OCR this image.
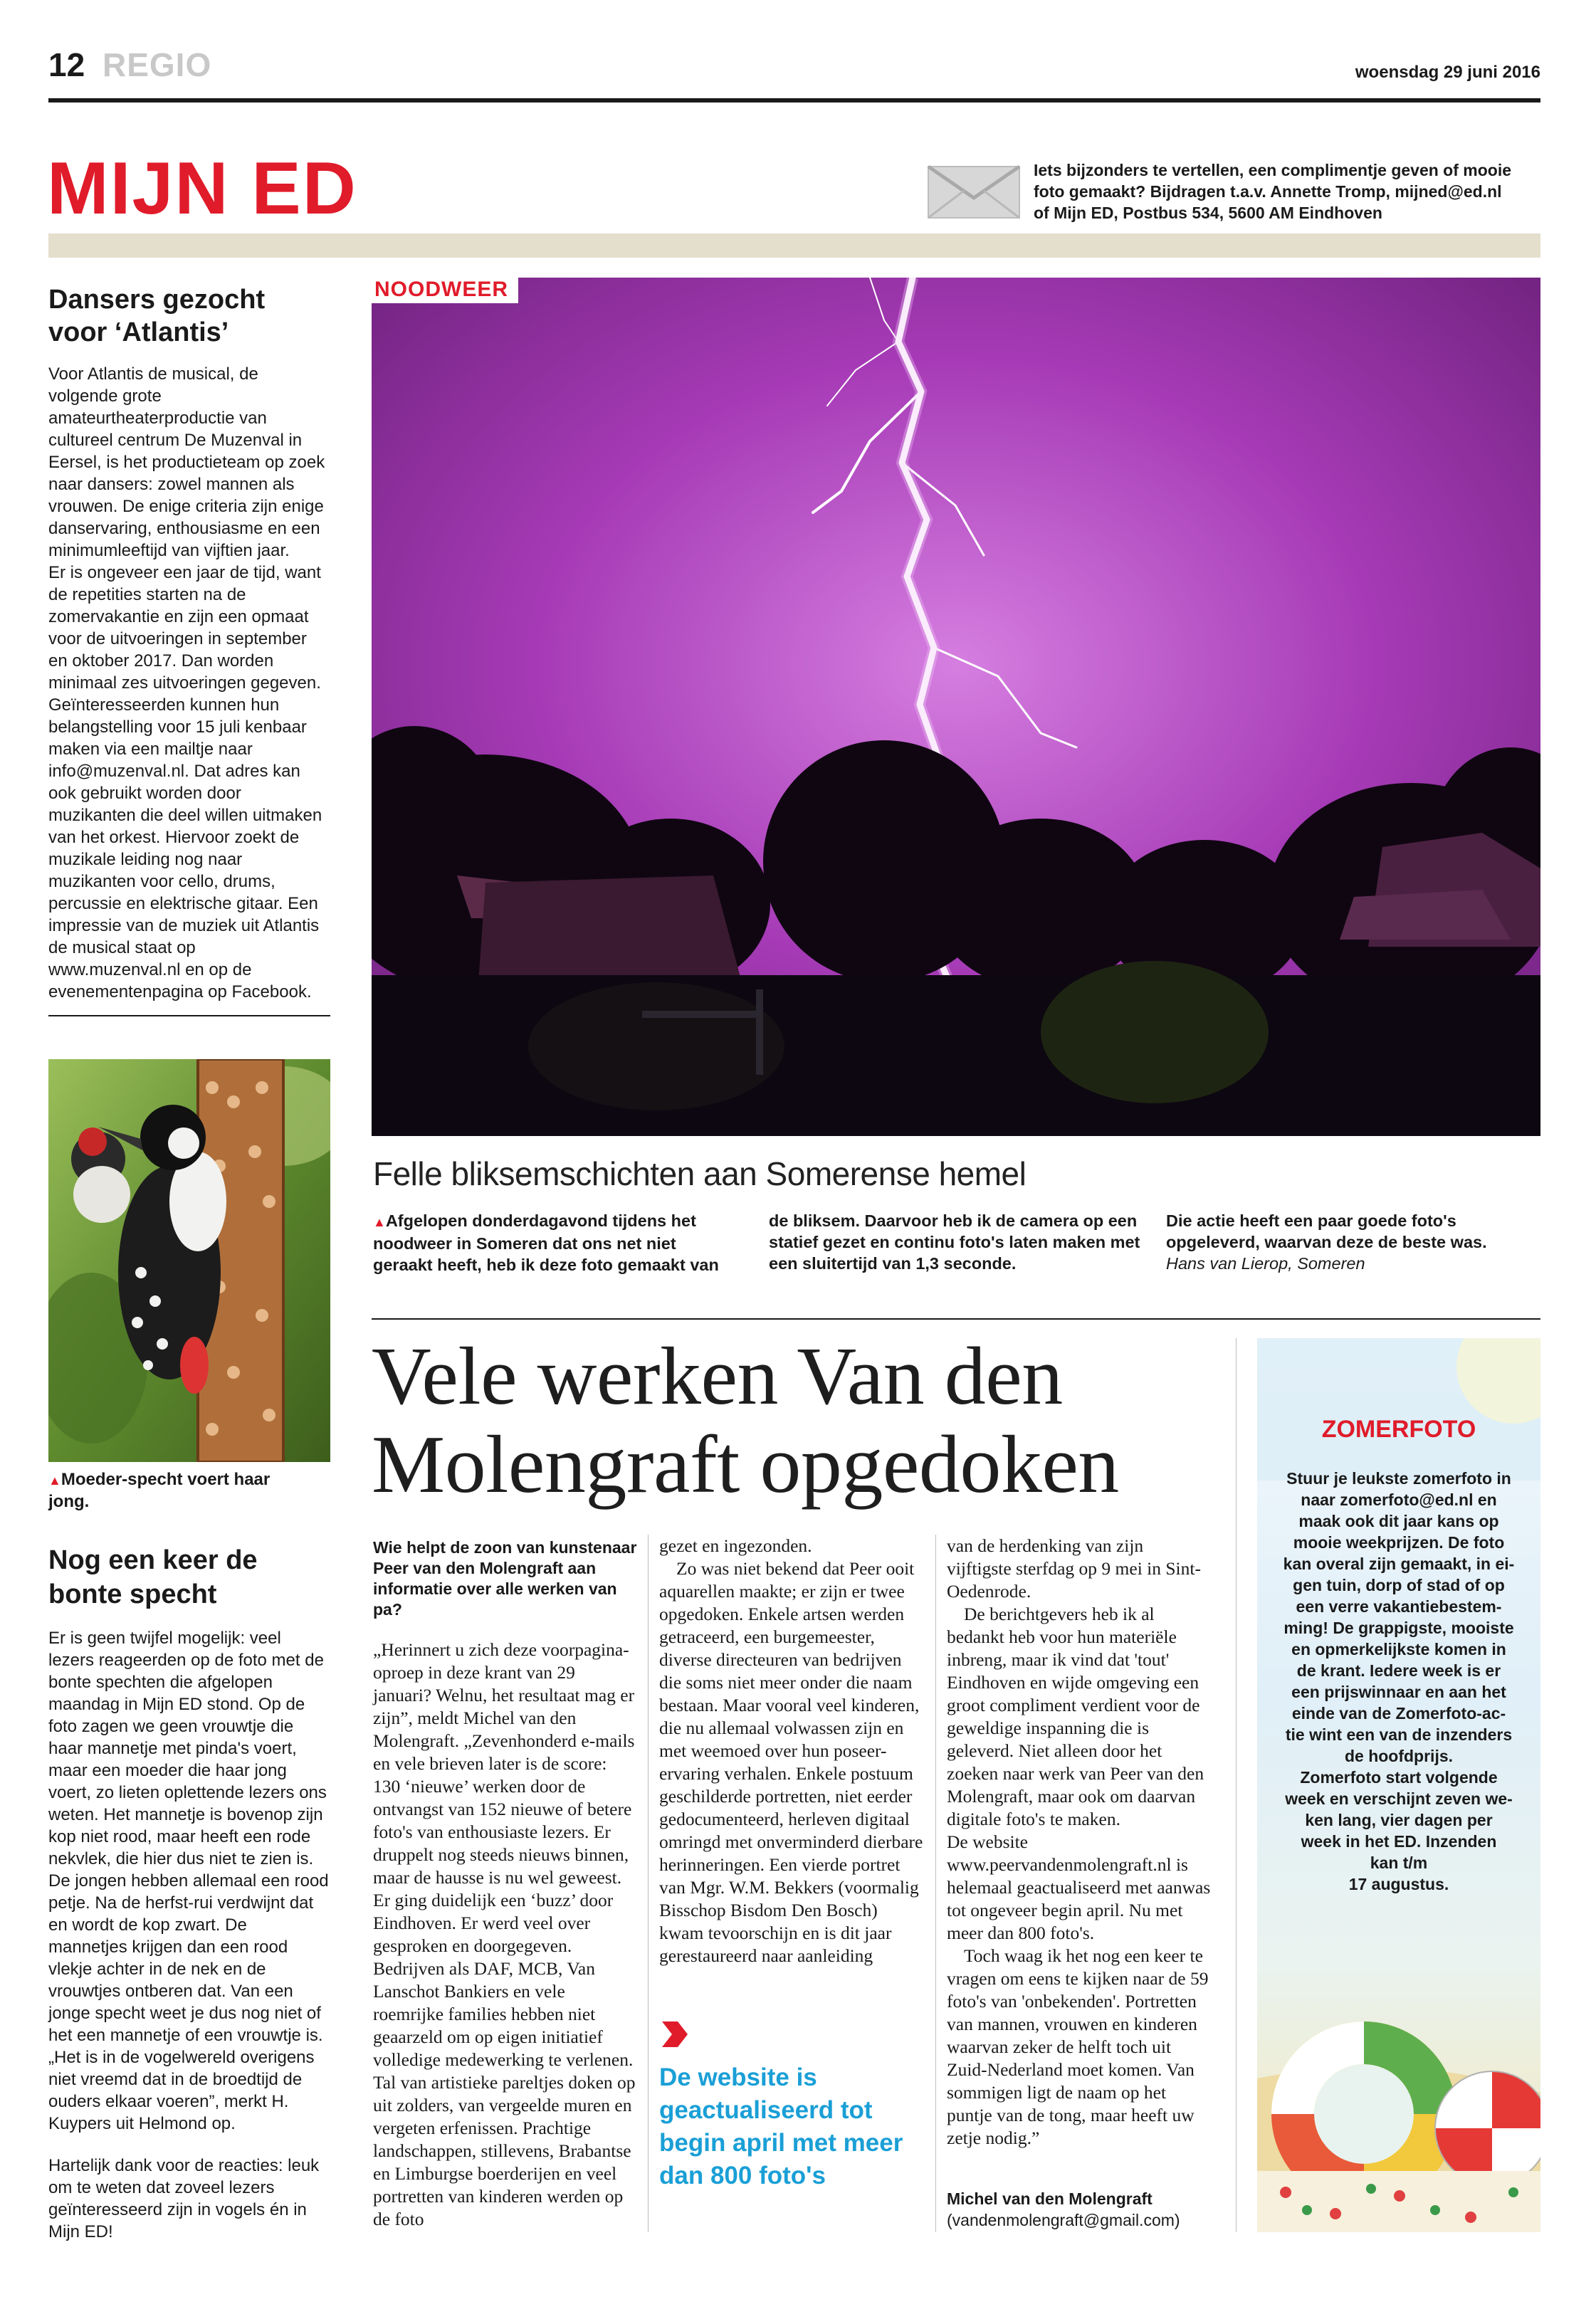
12 REGIO	woensdag 29 juni 2016
MIJN ED	Iets bijzonders te vertellen, een complimentje geven of mooie
foto gemaakt? Bijdragen t.a.v. Annette Tromp, mijned@ed.nl
of Mijn ED, Postbus 534, 5600 AM Eindhoven
Dansers gezocht
voor ‘Atlantis’

Voor Atlantis de musical, de volgende grote amateurtheaterproductie van cultureel centrum De Muzenval in Eersel, is het productieteam op zoek naar dansers: zowel mannen als vrouwen. De enige criteria zijn enige danservaring, enthousiasme en een minimumleeftijd van vijftien jaar.

Er is ongeveer een jaar de tijd, want de repetities starten na de zomervakantie en zijn een opmaat voor de uitvoeringen in september en oktober 2017. Dan worden minimaal zes uitvoeringen gegeven.

Geïnteresseerden kunnen hun belangstelling voor 15 juli kenbaar maken via een mailtje naar info@muzenval.nl. Dat adres kan ook gebruikt worden door muzikanten die deel willen uitmaken van het orkest. Hiervoor zoekt de muzikale leiding nog naar muzikanten voor cello, drums, percussie en elektrische gitaar. Een impressie van de muziek uit Atlantis de musical staat op www.muzenval.nl en op de evenementenpagina op Facebook.

▲Moeder-specht voert haar
jong.
Nog een keer de
bonte specht

Er is geen twijfel mogelijk: veel lezers reageerden op de foto met de bonte spechten die afgelopen maandag in Mijn ED stond. Op de foto zagen we geen vrouwtje die haar mannetje met pinda's voert, maar een moeder die haar jong voert, zo lieten oplettende lezers ons weten. Het mannetje is bovenop zijn kop niet rood, maar heeft een rode nekvlek, die hier dus niet te zien is. De jongen hebben allemaal een rood petje. Na de herfst-rui verdwijnt dat en wordt de kop zwart. De mannetjes krijgen dan een rood vlekje achter in de nek en de vrouwtjes ontberen dat. Van een jonge specht weet je dus nog niet of het een mannetje of een vrouwtje is.

„Het is in de vogelwereld overigens niet vreemd dat in de broedtijd de ouders elkaar voeren”, merkt H. Kuypers uit Helmond op.

Hartelijk dank voor de reacties: leuk om te weten dat zoveel lezers geïnteresseerd zijn in vogels én in Mijn ED!

NOODWEER
Felle bliksemschichten aan Somerense hemel
▲Afgelopen donderdagavond tijdens het noodweer in Someren dat ons net niet geraakt heeft, heb ik deze foto gemaakt van
de bliksem. Daarvoor heb ik de camera op een statief gezet en continu foto's laten maken met een sluitertijd van 1,3 seconde.
Die actie heeft een paar goede foto's opgeleverd, waarvan deze de beste was.
Hans van Lierop, Someren
Vele werken Van den
Molengraft opgedoken
Wie helpt de zoon van kunstenaar Peer van den Molengraft aan informatie over alle werken van pa?

„Herinnert u zich deze voorpagina-oproep in deze krant van 29 januari? Welnu, het resultaat mag er zijn”, meldt Michel van den Molengraft. „Zevenhonderd e-mails en vele brieven later is de score: 130 ‘nieuwe’ werken door de ontvangst van 152 nieuwe of betere foto's van enthousiaste lezers. Er druppelt nog steeds nieuws binnen, maar de hausse is nu wel geweest. Er ging duidelijk een ‘buzz’ door Eindhoven. Er werd veel over gesproken en doorgegeven. Bedrijven als DAF, MCB, Van Lanschot Bankiers en vele roemrijke families hebben niet geaarzeld om op eigen initiatief volledige medewerking te verlenen. Tal van artistieke pareltjes doken op uit zolders, van vergeelde muren en vergeten erfenissen. Prachtige landschappen, stillevens, Brabantse en Limburgse boerderijen en veel portretten van kinderen werden op de foto

gezet en ingezonden.

Zo was niet bekend dat Peer ooit aquarellen maakte; er zijn er twee opgedoken. Enkele artsen werden getraceerd, een burgemeester, diverse directeuren van bedrijven die soms niet meer onder die naam bestaan. Maar vooral veel kinderen, die nu allemaal volwassen zijn en met weemoed over hun poseer-ervaring verhalen. Enkele postuum geschilderde portretten, niet eerder gedocumenteerd, herleven digitaal omringd met onverminderd dierbare herinneringen. Een vierde portret van Mgr. W.M. Bekkers (voormalig Bisschop Bisdom Den Bosch) kwam tevoorschijn en is dit jaar gerestaureerd naar aanleiding

De website is geactualiseerd tot begin april met meer dan 800 foto's

van de herdenking van zijn vijftigste sterfdag op 9 mei in Sint-Oedenrode.

De berichtgevers heb ik al bedankt heb voor hun materiële inbreng, maar ik vind dat 'tout' Eindhoven en wijde omgeving een groot compliment verdient voor de geweldige inspanning die is geleverd. Niet alleen door het zoeken naar werk van Peer van den Molengraft, maar ook om daarvan digitale foto's te maken.

De website www.peervandenmolengraft.nl is helemaal geactualiseerd met aanwas tot ongeveer begin april. Nu met meer dan 800 foto's.

Toch waag ik het nog een keer te vragen om eens te kijken naar de 59 foto's van 'onbekenden'. Portretten van mannen, vrouwen en kinderen waarvan zeker de helft toch uit Zuid-Nederland moet komen. Van sommigen ligt de naam op het puntje van de tong, maar heeft uw zetje nodig.”

Michel van den Molengraft
(vandenmolengraft@gmail.com)
ZOMERFOTO
Stuur je leukste zomerfoto in
naar zomerfoto@ed.nl en
maak ook dit jaar kans op
mooie weekprijzen. De foto
kan overal zijn gemaakt, in ei-
gen tuin, dorp of stad of op
een verre vakantiebestem-
ming! De grappigste, mooiste
en opmerkelijkste komen in
de krant. Iedere week is er
een prijswinnaar en aan het
einde van de Zomerfoto-ac-
tie wint een van de inzenders
de hoofdprijs.
Zomerfoto start volgende
week en verschijnt zeven we-
ken lang, vier dagen per
week in het ED. Inzenden
kan t/m
17 augustus.
